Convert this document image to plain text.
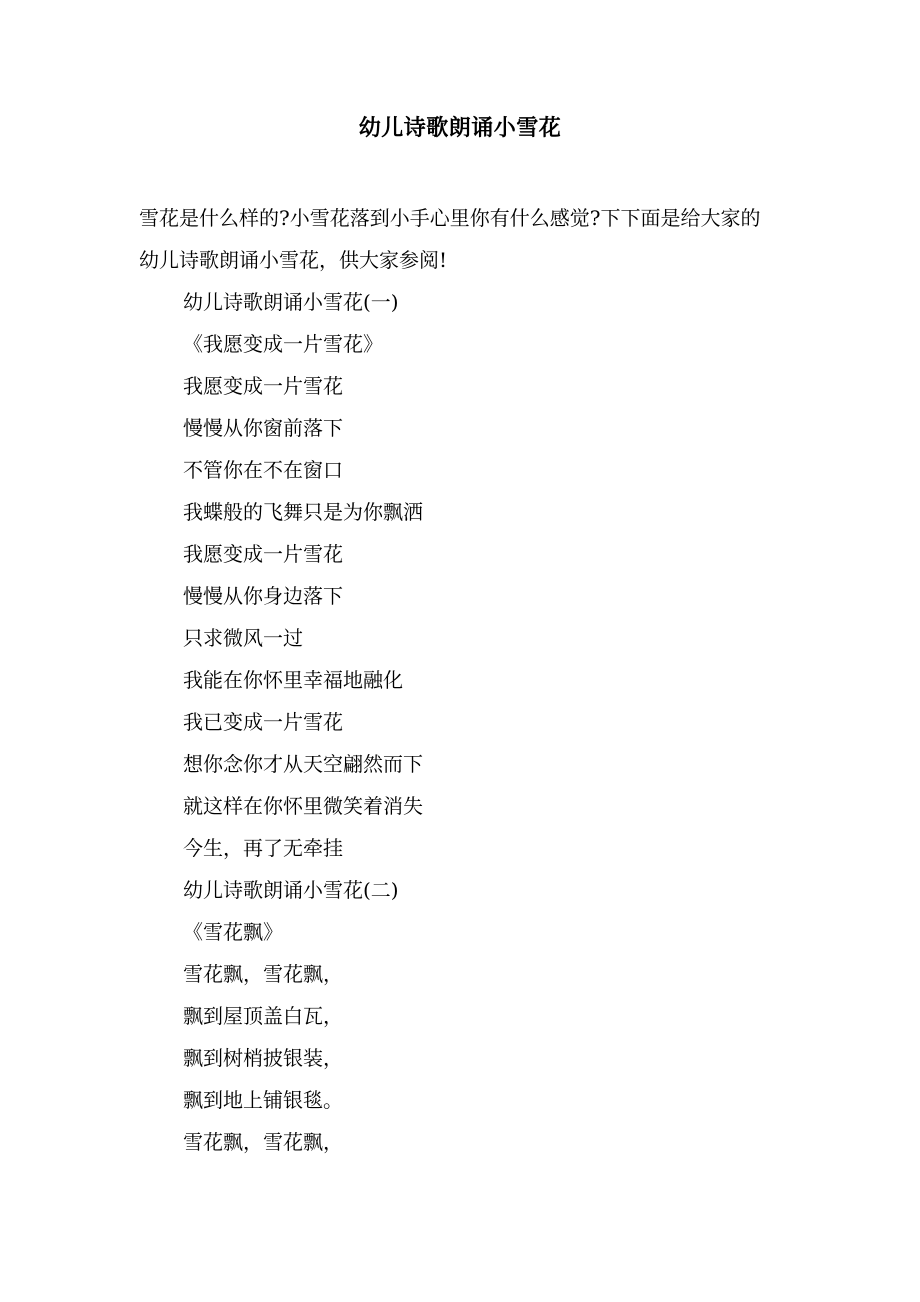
幼儿诗歌朗诵小雪花

雪花是什么样的?小雪花落到小手心里你有什么感觉?下下面是给大家的幼儿诗歌朗诵小雪花，供大家参阅!

幼儿诗歌朗诵小雪花(一)
《我愿变成一片雪花》
我愿变成一片雪花
慢慢从你窗前落下
不管你在不在窗口
我蝶般的飞舞只是为你飘洒
我愿变成一片雪花
慢慢从你身边落下
只求微风一过
我能在你怀里幸福地融化
我已变成一片雪花
想你念你才从天空翩然而下
就这样在你怀里微笑着消失
今生，再了无牵挂
幼儿诗歌朗诵小雪花(二)
《雪花飘》
雪花飘，雪花飘，
飘到屋顶盖白瓦，
飘到树梢披银装，
飘到地上铺银毯。
雪花飘，雪花飘，
